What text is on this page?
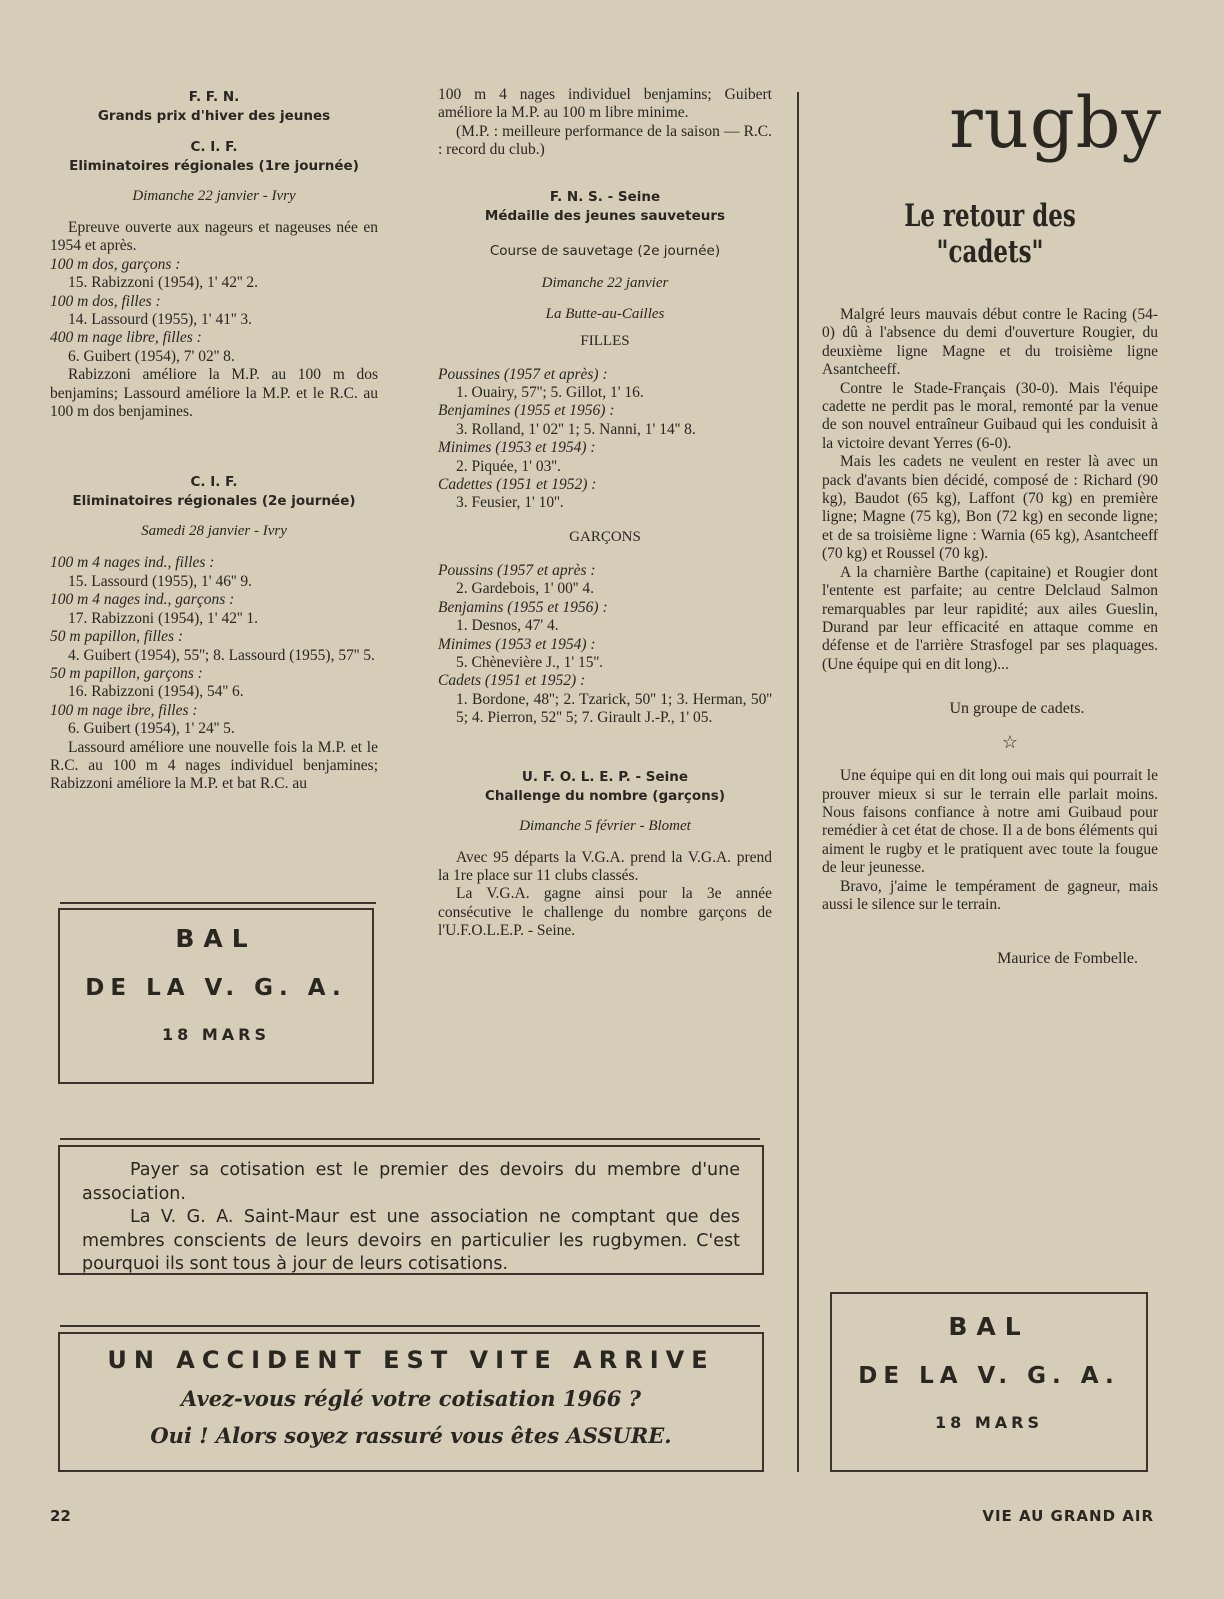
F. F. N.
Grands prix d'hiver des jeunes
C. I. F.
Eliminatoires régionales (1re journée)
Dimanche 22 janvier - Ivry

Epreuve ouverte aux nageurs et nageuses née en 1954 et après.

100 m dos, garçons :

15. Rabizzoni (1954), 1' 42'' 2.

100 m dos, filles :

14. Lassourd (1955), 1' 41'' 3.

400 m nage libre, filles :

6. Guibert (1954), 7' 02'' 8.

Rabizzoni améliore la M.P. au 100 m dos benjamins; Lassourd améliore la M.P. et le R.C. au 100 m dos benjamines.

C. I. F.
Eliminatoires régionales (2e journée)
Samedi 28 janvier - Ivry

100 m 4 nages ind., filles :

15. Lassourd (1955), 1' 46'' 9.

100 m 4 nages ind., garçons :

17. Rabizzoni (1954), 1' 42'' 1.

50 m papillon, filles :

4. Guibert (1954), 55''; 8. Lassourd (1955), 57'' 5.

50 m papillon, garçons :

16. Rabizzoni (1954), 54'' 6.

100 m nage ibre, filles :

6. Guibert (1954), 1' 24'' 5.

Lassourd améliore une nouvelle fois la M.P. et le R.C. au 100 m 4 nages individuel benjamines; Rabizzoni améliore la M.P. et bat R.C. au

100 m 4 nages individuel benjamins; Guibert améliore la M.P. au 100 m libre minime.

(M.P. : meilleure performance de la saison — R.C. : record du club.)

F. N. S. - Seine
Médaille des jeunes sauveteurs
Course de sauvetage (2e journée)
Dimanche 22 janvier
La Butte-au-Cailles
FILLES

Poussines (1957 et après) :

1. Ouairy, 57''; 5. Gillot, 1' 16.

Benjamines (1955 et 1956) :

3. Rolland, 1' 02'' 1; 5. Nanni, 1' 14'' 8.

Minimes (1953 et 1954) :

2. Piquée, 1' 03''.

Cadettes (1951 et 1952) :

3. Feusier, 1' 10''.

GARÇONS

Poussins (1957 et après :

2. Gardebois, 1' 00'' 4.

Benjamins (1955 et 1956) :

1. Desnos, 47' 4.

Minimes (1953 et 1954) :

5. Chènevière J., 1' 15''.

Cadets (1951 et 1952) :

1. Bordone, 48''; 2. Tzarick, 50'' 1; 3. Herman, 50'' 5; 4. Pierron, 52'' 5; 7. Girault J.-P., 1' 05.

U. F. O. L. E. P. - Seine
Challenge du nombre (garçons)
Dimanche 5 février - Blomet

Avec 95 départs la V.G.A. prend la V.G.A. prend la 1re place sur 11 clubs classés.

La V.G.A. gagne ainsi pour la 3e année consécutive le challenge du nombre garçons de l'U.F.O.L.E.P. - Seine.

BAL
DE LA V. G. A.
18 MARS

Payer sa cotisation est le premier des devoirs du membre d'une association.

La V. G. A. Saint-Maur est une association ne comptant que des membres conscients de leurs devoirs en particulier les rugbymen. C'est pourquoi ils sont tous à jour de leurs cotisations.

UN ACCIDENT EST VITE ARRIVE
Avez-vous réglé votre cotisation 1966 ?
Oui ! Alors soyez rassuré vous êtes ASSURE.
rugby
Le retour des "cadets"

Malgré leurs mauvais début contre le Racing (54-0) dû à l'absence du demi d'ouverture Rougier, du deuxième ligne Magne et du troisième ligne Asantcheeff.

Contre le Stade-Français (30-0). Mais l'équipe cadette ne perdit pas le moral, remonté par la venue de son nouvel entraîneur Guibaud qui les conduisit à la victoire devant Yerres (6-0).

Mais les cadets ne veulent en rester là avec un pack d'avants bien décidé, composé de : Richard (90 kg), Baudot (65 kg), Laffont (70 kg) en première ligne; Magne (75 kg), Bon (72 kg) en seconde ligne; et de sa troisième ligne : Warnia (65 kg), Asantcheeff (70 kg) et Roussel (70 kg).

A la charnière Barthe (capitaine) et Rougier dont l'entente est parfaite; au centre Delclaud Salmon remarquables par leur rapidité; aux ailes Gueslin, Durand par leur efficacité en attaque comme en défense et de l'arrière Strasfogel par ses plaquages. (Une équipe qui en dit long)...

Un groupe de cadets.
☆

Une équipe qui en dit long oui mais qui pourrait le prouver mieux si sur le terrain elle parlait moins. Nous faisons confiance à notre ami Guibaud pour remédier à cet état de chose. Il a de bons éléments qui aiment le rugby et le pratiquent avec toute la fougue de leur jeunesse.

Bravo, j'aime le tempérament de gagneur, mais aussi le silence sur le terrain.

Maurice de Fombelle.
BAL
DE LA V. G. A.
18 MARS
22	VIE AU GRAND AIR
